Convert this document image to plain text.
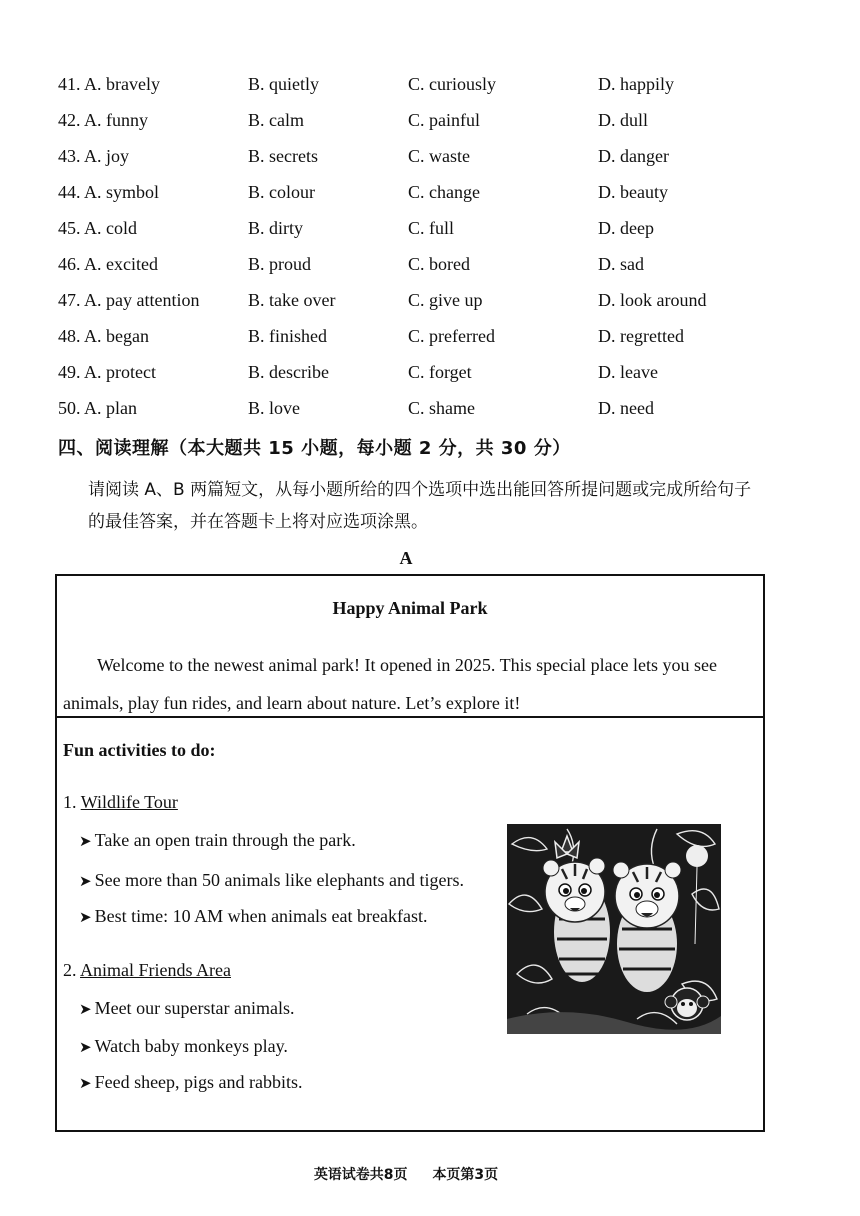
41. A. bravely	B. quietly	C. curiously	D. happily
42. A. funny	B. calm	C. painful	D. dull
43. A. joy	B. secrets	C. waste	D. danger
44. A. symbol	B. colour	C. change	D. beauty
45. A. cold	B. dirty	C. full	D. deep
46. A. excited	B. proud	C. bored	D. sad
47. A. pay attention	B. take over	C. give up	D. look around
48. A. began	B. finished	C. preferred	D. regretted
49. A. protect	B. describe	C. forget	D. leave
50. A. plan	B. love	C. shame	D. need
四、阅读理解（本大题共 15 小题，每小题 2 分，共 30 分）
请阅读 A、B 两篇短文，从每小题所给的四个选项中选出能回答所提问题或完成所给句子的最佳答案，并在答题卡上将对应选项涂黑。
A
Happy Animal Park
Welcome to the newest animal park! It opened in 2025. This special place lets you see animals, play fun rides, and learn about nature. Let’s explore it!
Fun activities to do:
1. Wildlife Tour
➤ Take an open train through the park.
➤ See more than 50 animals like elephants and tigers.
➤ Best time: 10 AM when animals eat breakfast.
2. Animal Friends Area
➤ Meet our superstar animals.
➤ Watch baby monkeys play.
➤ Feed sheep, pigs and rabbits.
英语试卷共8页 本页第3页
